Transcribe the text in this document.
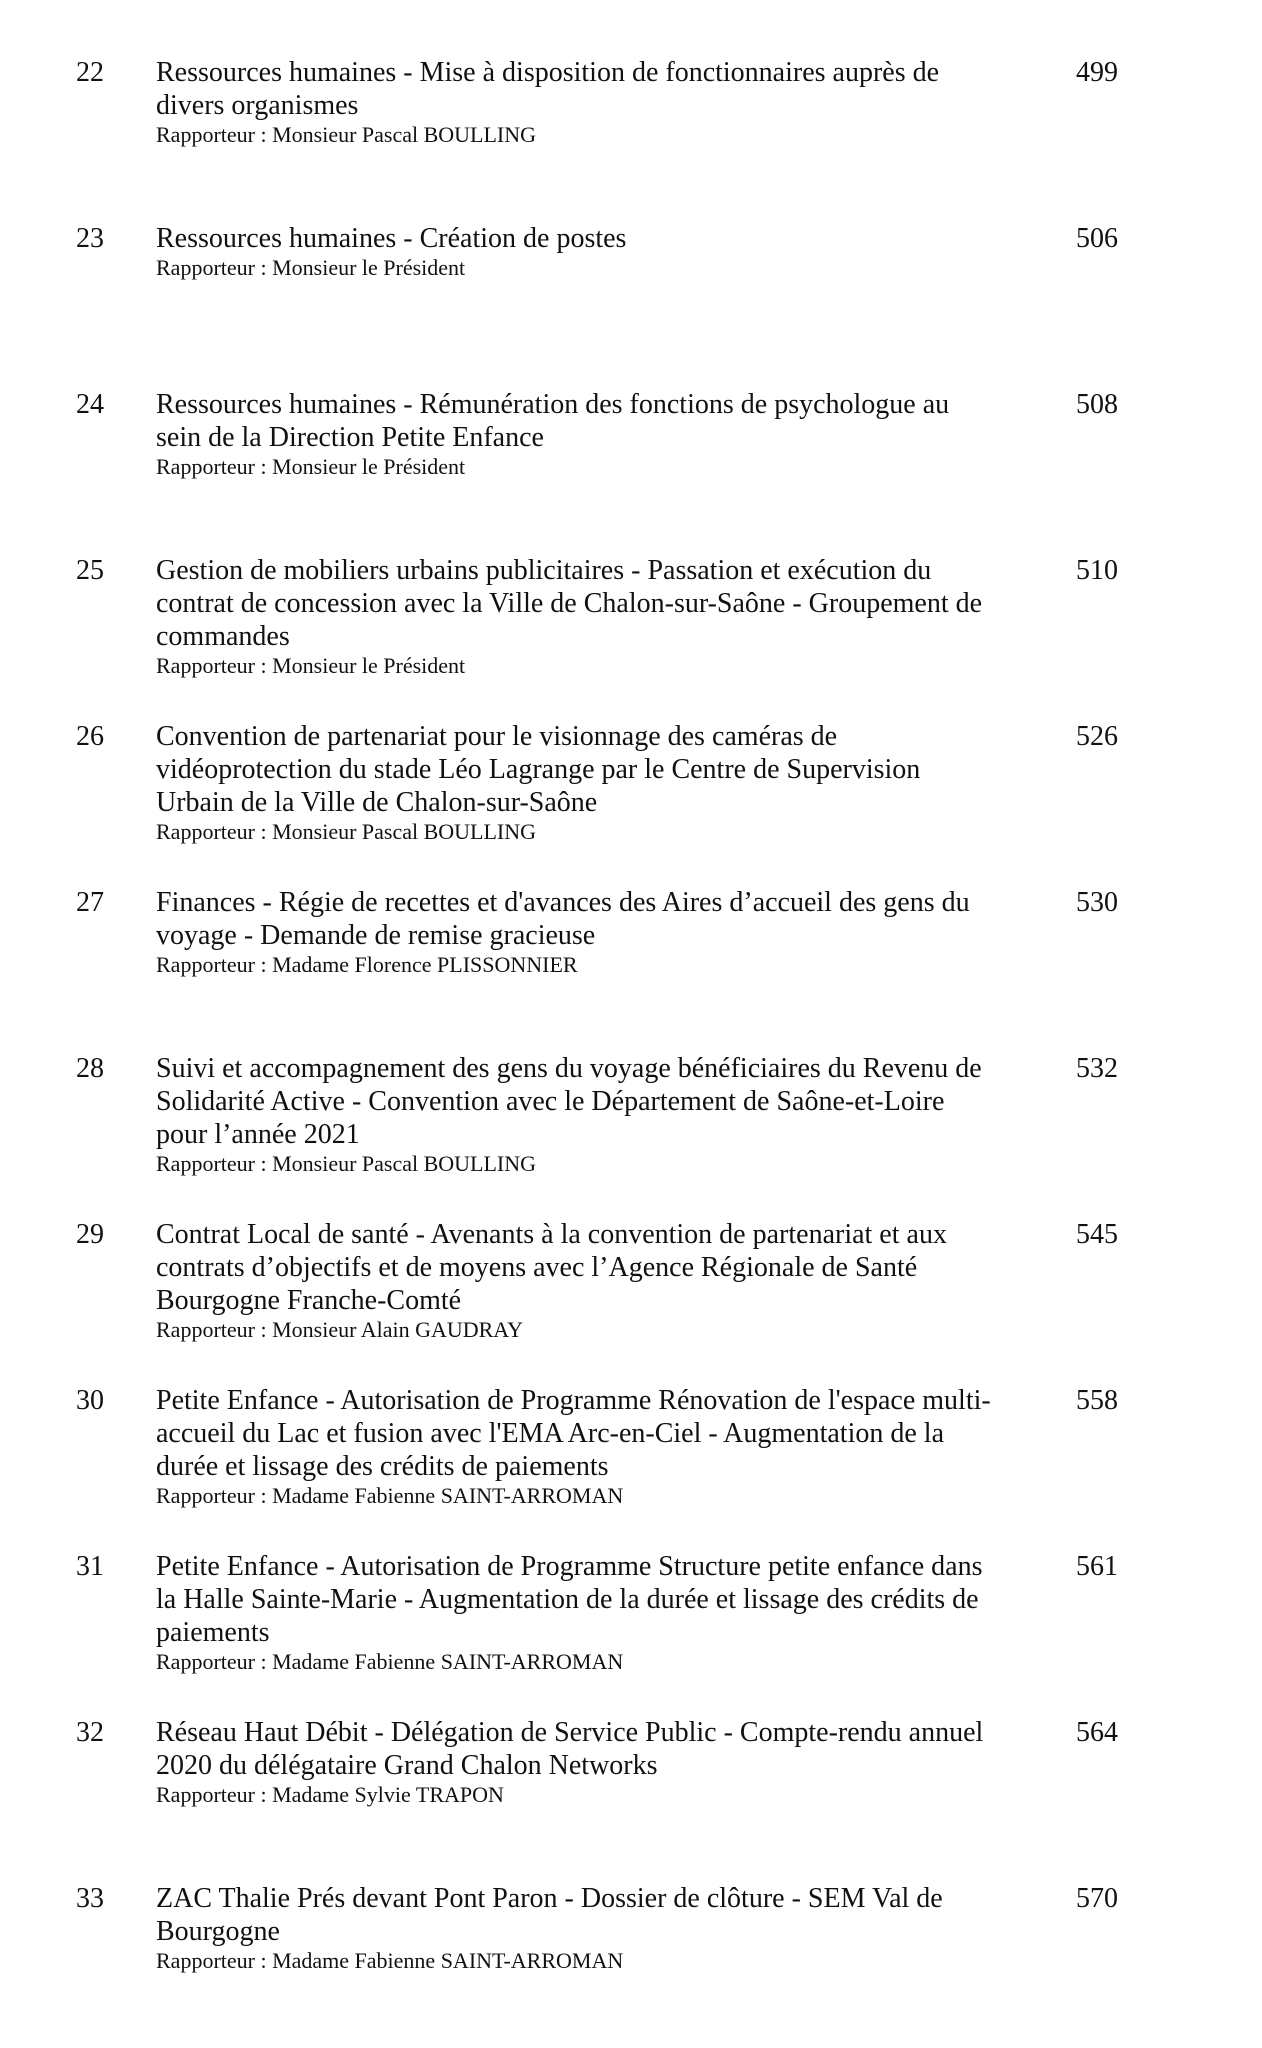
22 Ressources humaines - Mise à disposition de fonctionnaires auprès de
divers organismes
Rapporteur : Monsieur Pascal BOULLING
499
23 Ressources humaines - Création de postes
Rapporteur : Monsieur le Président
506
24 Ressources humaines - Rémunération des fonctions de psychologue au
sein de la Direction Petite Enfance
Rapporteur : Monsieur le Président
508
25 Gestion de mobiliers urbains publicitaires - Passation et exécution du
contrat de concession avec la Ville de Chalon-sur-Saône - Groupement de
commandes
Rapporteur : Monsieur le Président
510
26 Convention de partenariat pour le visionnage des caméras de
vidéoprotection du stade Léo Lagrange par le Centre de Supervision
Urbain de la Ville de Chalon-sur-Saône
Rapporteur : Monsieur Pascal BOULLING
526
27 Finances - Régie de recettes et d'avances des Aires d’accueil des gens du
voyage - Demande de remise gracieuse
Rapporteur : Madame Florence PLISSONNIER
530
28 Suivi et accompagnement des gens du voyage bénéficiaires du Revenu de
Solidarité Active - Convention avec le Département de Saône-et-Loire
pour l’année 2021
Rapporteur : Monsieur Pascal BOULLING
532
29 Contrat Local de santé - Avenants à la convention de partenariat et aux
contrats d’objectifs et de moyens avec l’Agence Régionale de Santé
Bourgogne Franche-Comté
Rapporteur : Monsieur Alain GAUDRAY
545
30 Petite Enfance - Autorisation de Programme Rénovation de l'espace multi-
accueil du Lac et fusion avec l'EMA Arc-en-Ciel - Augmentation de la
durée et lissage des crédits de paiements
Rapporteur : Madame Fabienne SAINT-ARROMAN
558
31 Petite Enfance - Autorisation de Programme Structure petite enfance dans
la Halle Sainte-Marie - Augmentation de la durée et lissage des crédits de
paiements
Rapporteur : Madame Fabienne SAINT-ARROMAN
561
32 Réseau Haut Débit - Délégation de Service Public - Compte-rendu annuel
2020 du délégataire Grand Chalon Networks
Rapporteur : Madame Sylvie TRAPON
564
33 ZAC Thalie Prés devant Pont Paron - Dossier de clôture - SEM Val de
Bourgogne
Rapporteur : Madame Fabienne SAINT-ARROMAN
570
